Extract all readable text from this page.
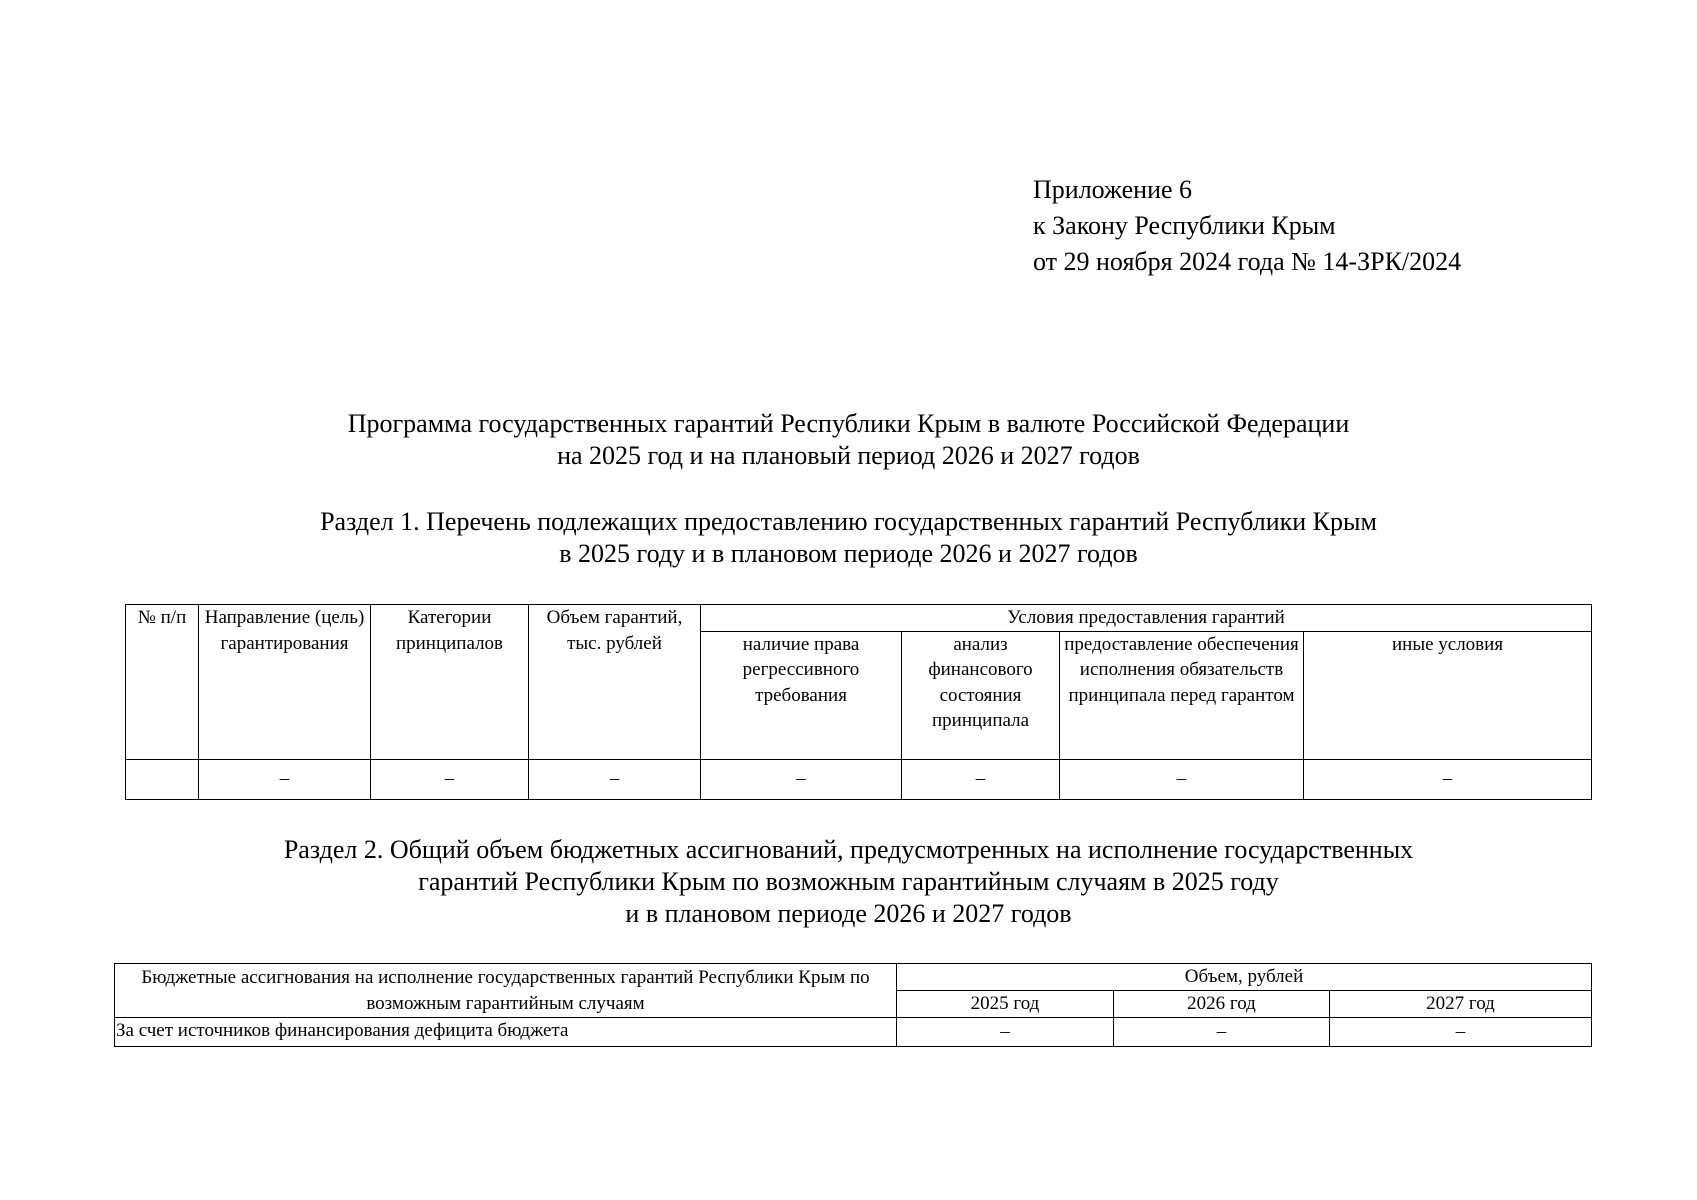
Приложение 6
к Закону Республики Крым
от 29 ноября 2024 года № 14-ЗРК/2024
Программа государственных гарантий Республики Крым в валюте Российской Федерации
на 2025 год и на плановый период 2026 и 2027 годов
Раздел 1. Перечень подлежащих предоставлению государственных гарантий Республики Крым
в 2025 году и в плановом периоде 2026 и 2027 годов
№ п/п	Направление (цель) гарантирования	Категории принципалов	Объем гарантий, тыс. рублей	Условия предоставления гарантий			
				наличие права регрессивного требования	анализ финансового состояния принципала	предоставление обеспечения исполнения обязательств принципала перед гарантом	иные условия
	–	–	–	–	–	–	–
Раздел 2. Общий объем бюджетных ассигнований, предусмотренных на исполнение государственных
гарантий Республики Крым по возможным гарантийным случаям в 2025 году
и в плановом периоде 2026 и 2027 годов
Бюджетные ассигнования на исполнение государственных гарантий Республики Крым по возможным гарантийным случаям	Объем, рублей		
	2025 год	2026 год	2027 год
За счет источников финансирования дефицита бюджета	–	–	–
